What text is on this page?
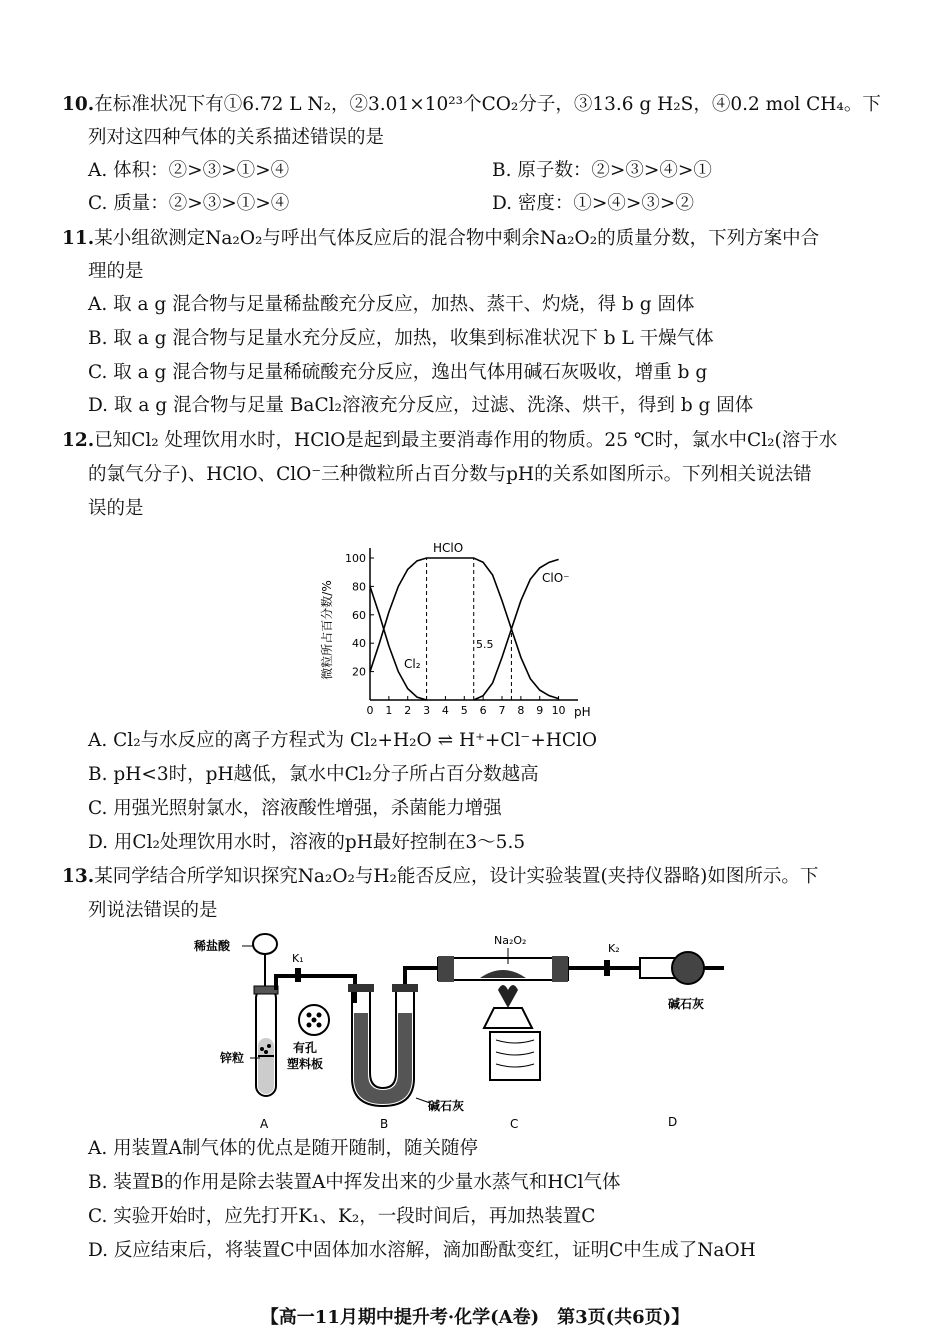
10.在标准状况下有①6.72 L N₂，②3.01×10²³个CO₂分子，③13.6 g H₂S，④0.2 mol CH₄。下
列对这四种气体的关系描述错误的是
A. 体积：②>③>①>④	B. 原子数：②>③>④>①
C. 质量：②>③>①>④	D. 密度：①>④>③>②
11.某小组欲测定Na₂O₂与呼出气体反应后的混合物中剩余Na₂O₂的质量分数，下列方案中合
理的是
A. 取 a g 混合物与足量稀盐酸充分反应，加热、蒸干、灼烧，得 b g 固体
B. 取 a g 混合物与足量水充分反应，加热，收集到标准状况下 b L 干燥气体
C. 取 a g 混合物与足量稀硫酸充分反应，逸出气体用碱石灰吸收，增重 b g
D. 取 a g 混合物与足量 BaCl₂溶液充分反应，过滤、洗涤、烘干，得到 b g 固体
12.已知Cl₂ 处理饮用水时，HClO是起到最主要消毒作用的物质。25 ℃时，氯水中Cl₂(溶于水
的氯气分子)、HClO、ClO⁻三种微粒所占百分数与pH的关系如图所示。下列相关说法错
误的是
微粒所占百分数/%
0 1 2 3 4 5 6 7 8 9 10
20
40
60
80
100
HClO
ClO⁻
Cl₂
5.5
pH
A. Cl₂与水反应的离子方程式为 Cl₂+H₂O ⇌ H⁺+Cl⁻+HClO
B. pH<3时，pH越低，氯水中Cl₂分子所占百分数越高
C. 用强光照射氯水，溶液酸性增强，杀菌能力增强
D. 用Cl₂处理饮用水时，溶液的pH最好控制在3～5.5
13.某同学结合所学知识探究Na₂O₂与H₂能否反应，设计实验装置(夹持仪器略)如图所示。下
列说法错误的是
K₁
稀盐酸
锌粒
有孔
塑料板
A	B
碱石灰
Na₂O₂
C
K₂
碱石灰
D
A. 用装置A制气体的优点是随开随制，随关随停
B. 装置B的作用是除去装置A中挥发出来的少量水蒸气和HCl气体
C. 实验开始时，应先打开K₁、K₂，一段时间后，再加热装置C
D. 反应结束后，将装置C中固体加水溶解，滴加酚酞变红，证明C中生成了NaOH
【高一11月期中提升考·化学(A卷)　第3页(共6页)】
